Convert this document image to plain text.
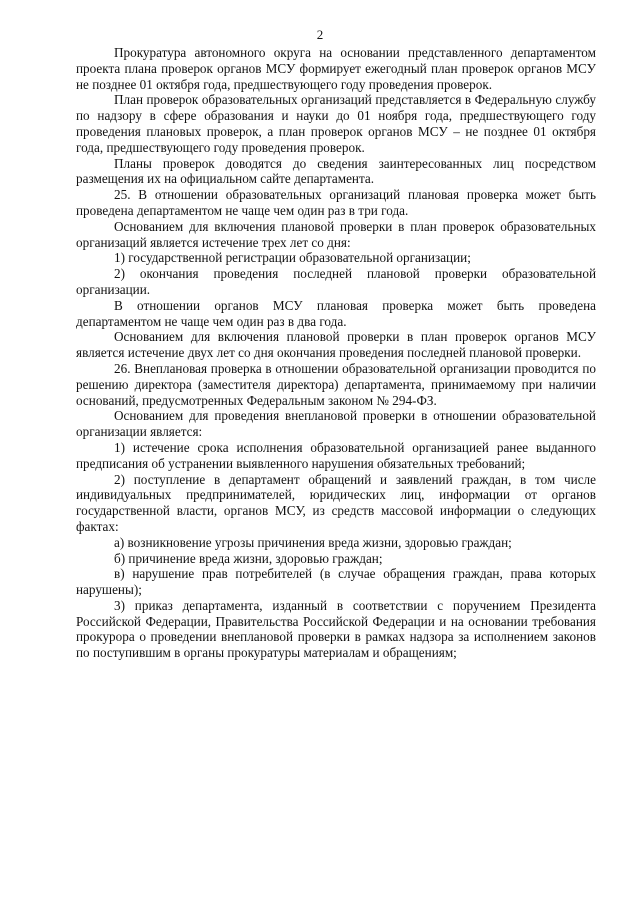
2

Прокуратура автономного округа на основании представленного департаментом проекта плана проверок органов МСУ формирует ежегодный план проверок органов МСУ не позднее 01 октября года, предшествующего году проведения проверок.

План проверок образовательных организаций представляется в Федеральную службу по надзору в сфере образования и науки до 01 ноября года, предшествующего году проведения плановых проверок, а план проверок органов МСУ – не позднее 01 октября года, предшествующего году проведения проверок.

Планы проверок доводятся до сведения заинтересованных лиц посредством размещения их на официальном сайте департамента.

25. В отношении образовательных организаций плановая проверка может быть проведена департаментом не чаще чем один раз в три года.

Основанием для включения плановой проверки в план проверок образовательных организаций является истечение трех лет со дня:

1) государственной регистрации образовательной организации;

2) окончания проведения последней плановой проверки образовательной организации.

В отношении органов МСУ плановая проверка может быть проведена департаментом не чаще чем один раз в два года.

Основанием для включения плановой проверки в план проверок органов МСУ является истечение двух лет со дня окончания проведения последней плановой проверки.

26. Внеплановая проверка в отношении образовательной организации проводится по решению директора (заместителя директора) департамента, принимаемому при наличии оснований, предусмотренных Федеральным законом № 294-ФЗ.

Основанием для проведения внеплановой проверки в отношении образовательной организации является:

1) истечение срока исполнения образовательной организацией ранее выданного предписания об устранении выявленного нарушения обязательных требований;

2) поступление в департамент обращений и заявлений граждан, в том числе индивидуальных предпринимателей, юридических лиц, информации от органов государственной власти, органов МСУ, из средств массовой информации о следующих фактах:

а) возникновение угрозы причинения вреда жизни, здоровью граждан;

б) причинение вреда жизни, здоровью граждан;

в) нарушение прав потребителей (в случае обращения граждан, права которых нарушены);

3) приказ департамента, изданный в соответствии с поручением Президента Российской Федерации, Правительства Российской Федерации и на основании требования прокурора о проведении внеплановой проверки в рамках надзора за исполнением законов по поступившим в органы прокуратуры материалам и обращениям;
